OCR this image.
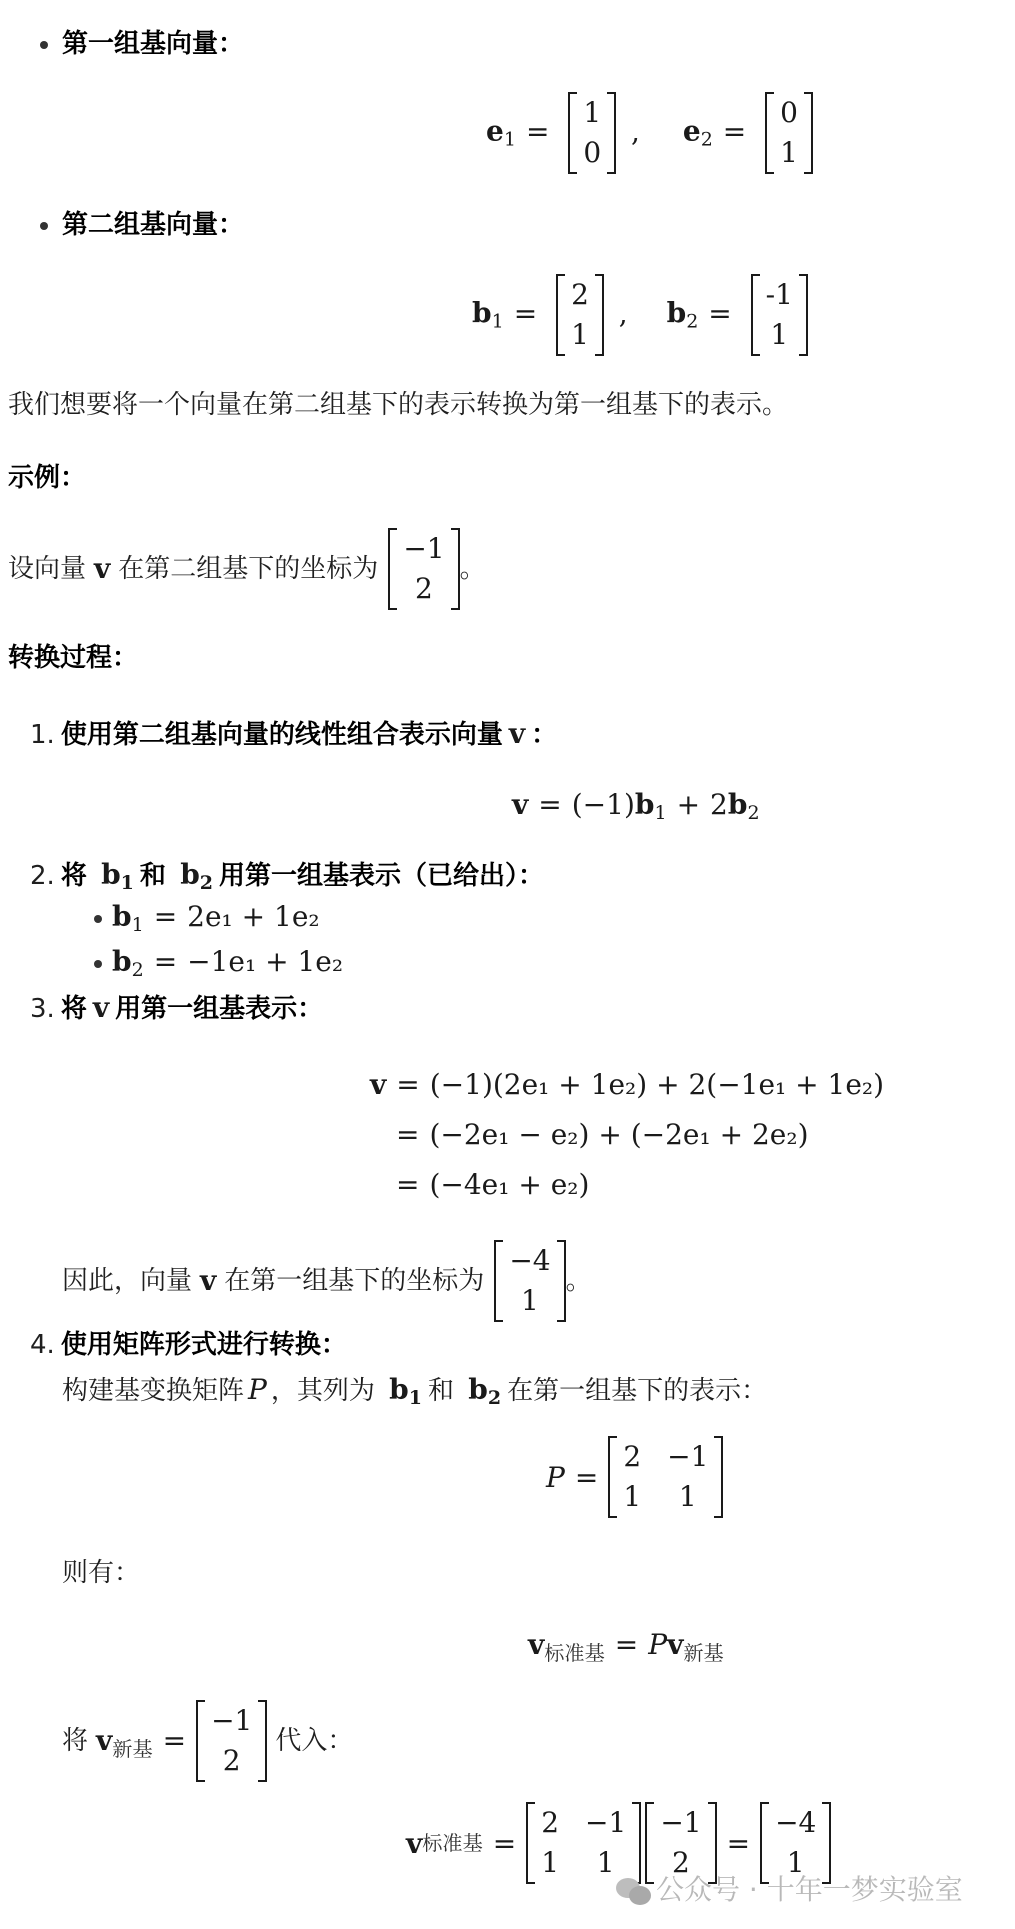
第一组基向量：
$e_1$ =
1
0
, $e_2$ =
0
1
第二组基向量：
$b_1$ =
2
1
, $b_2$ =
-1
1
我们想要将一个向量在第二组基下的表示转换为第一组基下的表示。
示例：
设向量 v 在第二组基下的坐标为
−1
2
。
转换过程：
1. 使用第二组基向量的线性组合表示向量 v ：
$v = (-1)b_1 + 2b_2$
2. 将 $b_1$ 和 $b_2$ 用第一组基表示（已给出）：
$b_1 = 2e_1 + 1e_2$
$b_2 = -1e_1 + 1e_2$
3. 将 v 用第一组基表示：
v = (−1)(2e₁ + 1e₂) + 2(−1e₁ + 1e₂)
= (−2e₁ − e₂) + (−2e₁ + 2e₂)
= (−4e₁ + e₂)
因此，向量 v 在第一组基下的坐标为
−4
1
。
4. 使用矩阵形式进行转换：
构建基变换矩阵 P ，其列为 $b_1$ 和 $b_2$ 在第一组基下的表示：
P =
2 −1
1	1
则有：
$v_{标准基} = Pv_{新基}$
将 $v_{新基}$ =
−1
2
代入：
v 标准基 =
2 −1
1	1
−1
2
=
−4
1
公众号 · 十年一梦实验室
